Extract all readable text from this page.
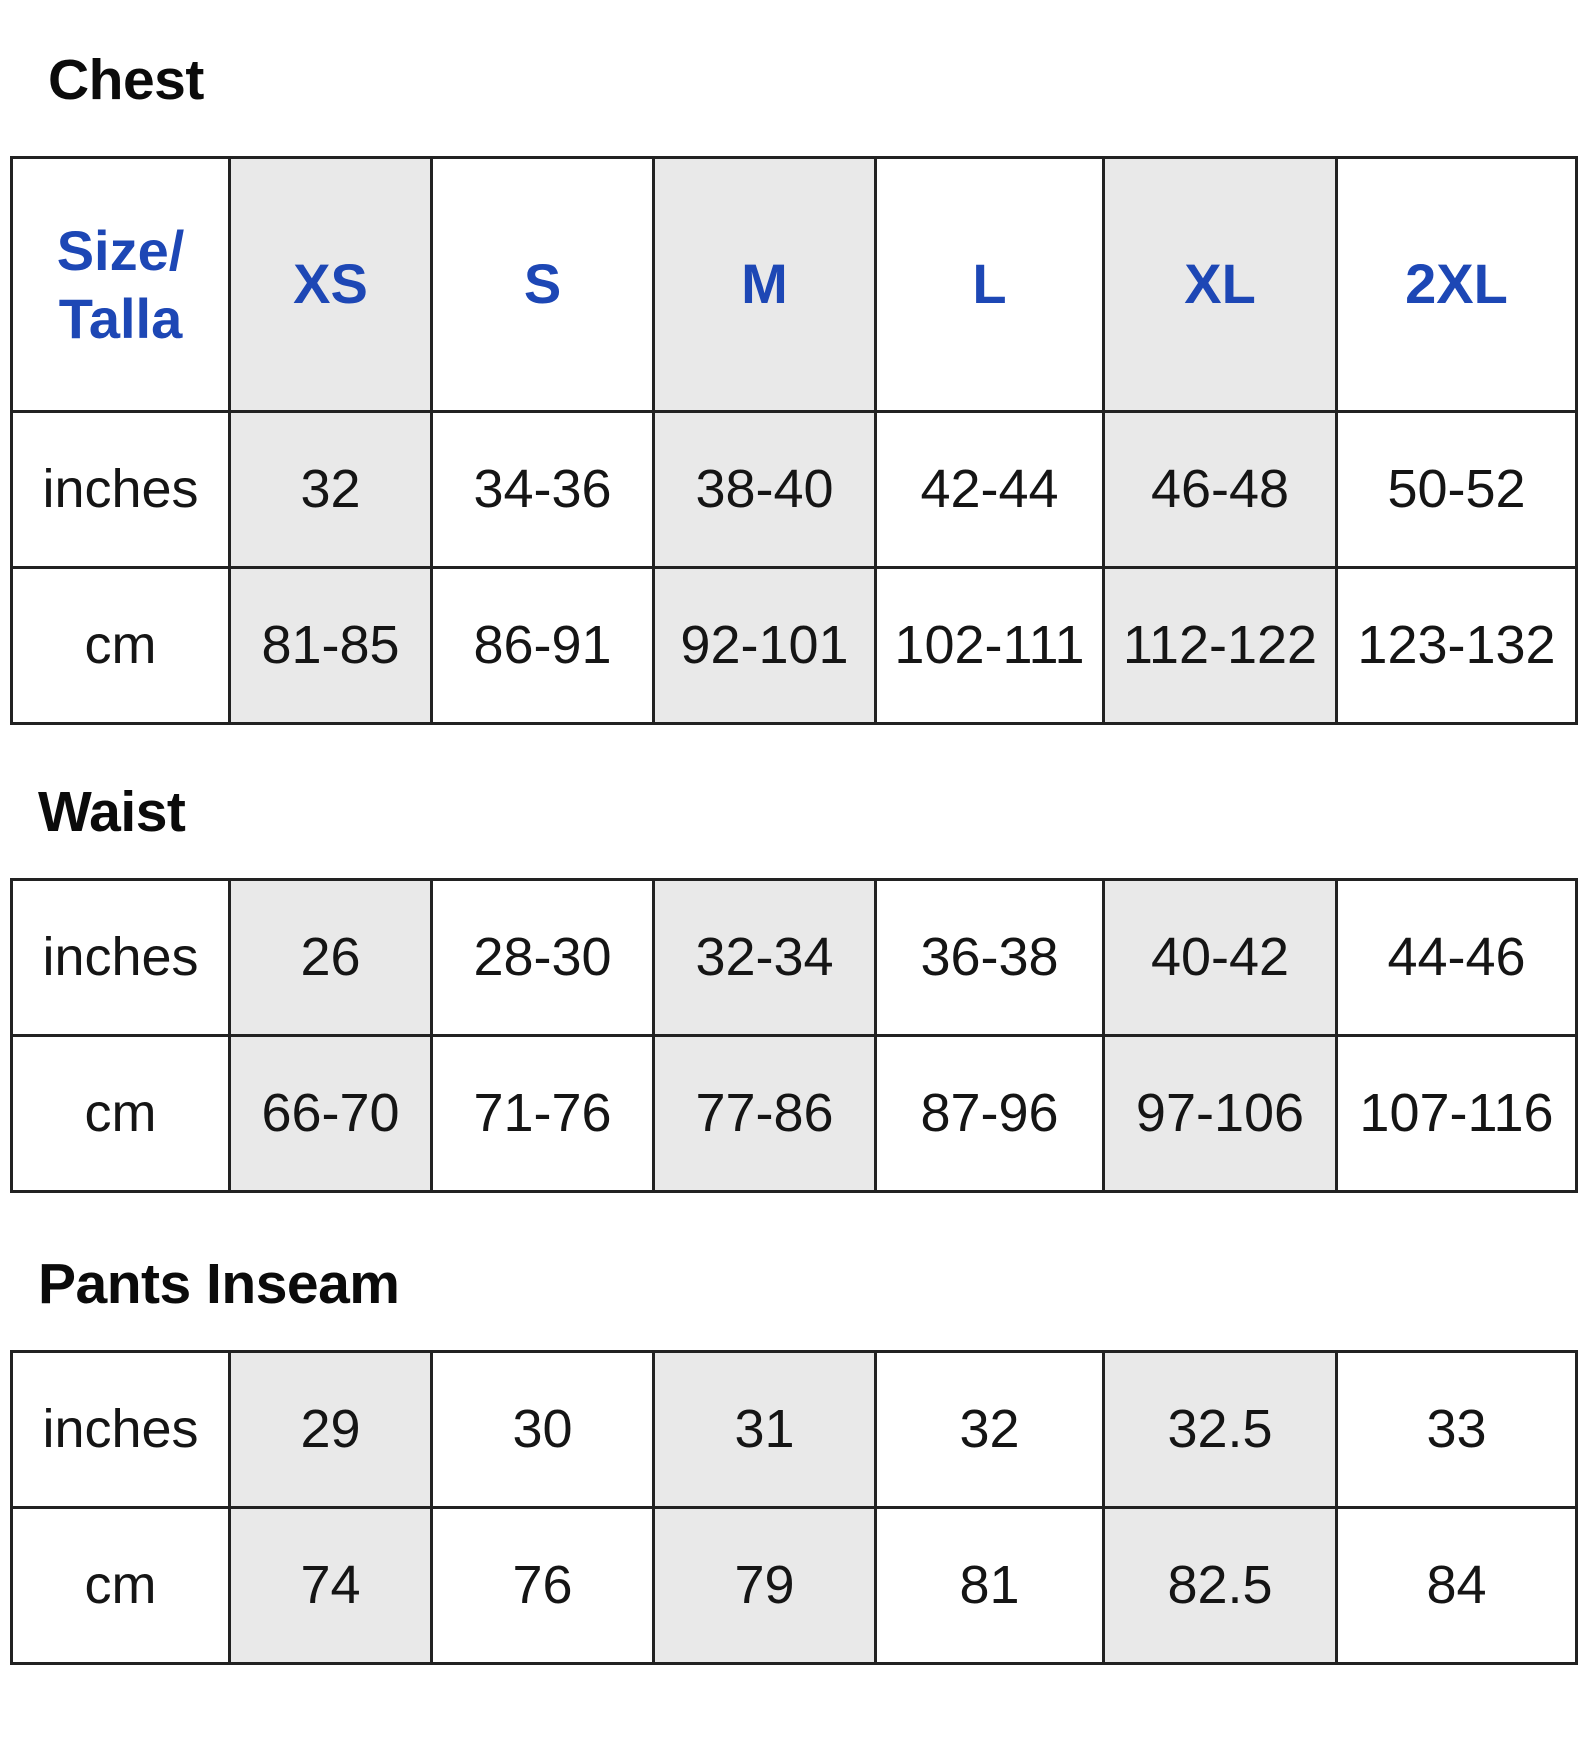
Chest
Size/
Talla	XS	S	M	L	XL	2XL
inches	32	34-36	38-40	42-44	46-48	50-52
cm	81-85	86-91	92-101	102-111	112-122	123-132
Waist
inches	26	28-30	32-34	36-38	40-42	44-46
cm	66-70	71-76	77-86	87-96	97-106	107-116
Pants Inseam
inches	29	30	31	32	32.5	33
cm	74	76	79	81	82.5	84
